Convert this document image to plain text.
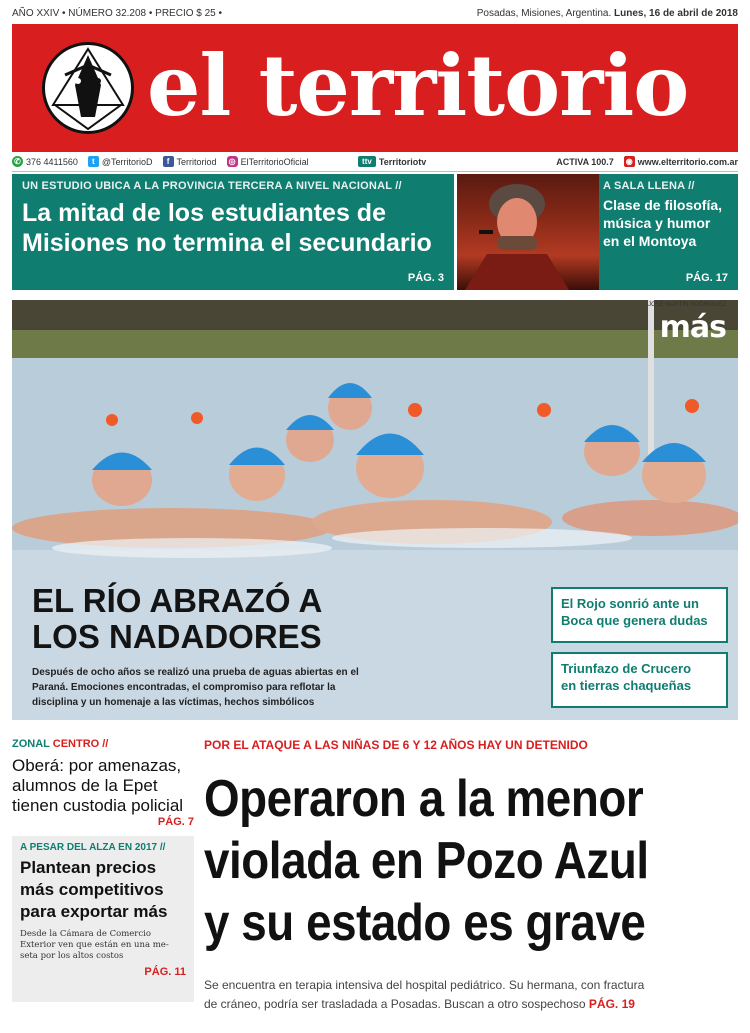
AÑO XXIV • NÚMERO 32.208 • PRECIO $ 25 •	Posadas, Misiones, Argentina. Lunes, 16 de abril de 2018
el territorio
✆ 376 4411560	t @TerritorioD	f Territoriod ◎ ElTerritorioOficial	ttv Territoriotv	ACTIVA 100.7 ◉ www.elterritorio.com.ar
UN ESTUDIO UBICA A LA PROVINCIA TERCERA A NIVEL NACIONAL //
La mitad de los estudiantes de
Misiones no termina el secundario
PÁG. 3
A SALA LLENA //
Clase de filosofía,
música y humor
en el Montoya
PÁG. 17
JOSE MARTIN RODRIGUEZ
más
EL RÍO ABRAZÓ A
LOS NADADORES
Después de ocho años se realizó una prueba de aguas abiertas en el
Paraná. Emociones encontradas, el compromiso para reflotar la
disciplina y un homenaje a las víctimas, hechos simbólicos
El Rojo sonrió ante un
Boca que genera dudas
Triunfazo de Crucero
en tierras chaqueñas
ZONAL CENTRO //
Oberá: por amenazas,
alumnos de la Epet
tienen custodia policial
PÁG. 7
A PESAR DEL ALZA EN 2017 //
Plantean precios
más competitivos
para exportar más
Desde la Cámara de Comercio
Exterior ven que están en una me-
seta por los altos costos
PÁG. 11
POR EL ATAQUE A LAS NIÑAS DE 6 Y 12 AÑOS HAY UN DETENIDO
Operaron a la menor
violada en Pozo Azul
y su estado es grave
Se encuentra en terapia intensiva del hospital pediátrico. Su hermana, con fractura
de cráneo, podría ser trasladada a Posadas. Buscan a otro sospechoso PÁG. 19
